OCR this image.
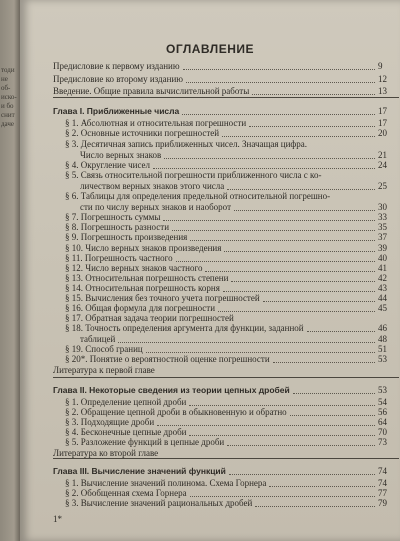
тоди
не
об-
иско-
и бо
снит
даче
ОГЛАВЛЕНИЕ
Предисловие к первому изданию	9
Предисловие ко второму изданию	12
Введение. Общие правила вычислительной работы	13
Глава I. Приближенные числа	17
§ 1. Абсолютная и относительная погрешности	17
§ 2. Основные источники погрешностей	20
§ 3. Десятичная запись приближенных чисел. Значащая цифра.
Число верных знаков	21
§ 4. Округление чисел	24
§ 5. Связь относительной погрешности приближенного числа с ко-
личеством верных знаков этого числа	25
§ 6. Таблицы для определения предельной относительной погрешно-
сти по числу верных знаков и наоборот	30
§ 7. Погрешность суммы	33
§ 8. Погрешность разности	35
§ 9. Погрешность произведения	37
§ 10. Число верных знаков произведения	39
§ 11. Погрешность частного	40
§ 12. Число верных знаков частного	41
§ 13. Относительная погрешность степени	42
§ 14. Относительная погрешность корня	43
§ 15. Вычисления без точного учета погрешностей	44
§ 16. Общая формула для погрешности	45
§ 17. Обратная задача теории погрешностей
§ 18. Точность определения аргумента для функции, заданной	46
таблицей	48
§ 19. Способ границ	51
§ 20*. Понятие о вероятностной оценке погрешности	53
Литература к первой главе
Глава II. Некоторые сведения из теории цепных дробей	53
§ 1. Определение цепной дроби	54
§ 2. Обращение цепной дроби в обыкновенную и обратно	56
§ 3. Подходящие дроби	64
§ 4. Бесконечные цепные дроби	70
§ 5. Разложение функций в цепные дроби	73
Литература ко второй главе
Глава III. Вычисление значений функций	74
§ 1. Вычисление значений полинома. Схема Горнера	74
§ 2. Обобщенная схема Горнера	77
§ 3. Вычисление значений рациональных дробей	79
1*
